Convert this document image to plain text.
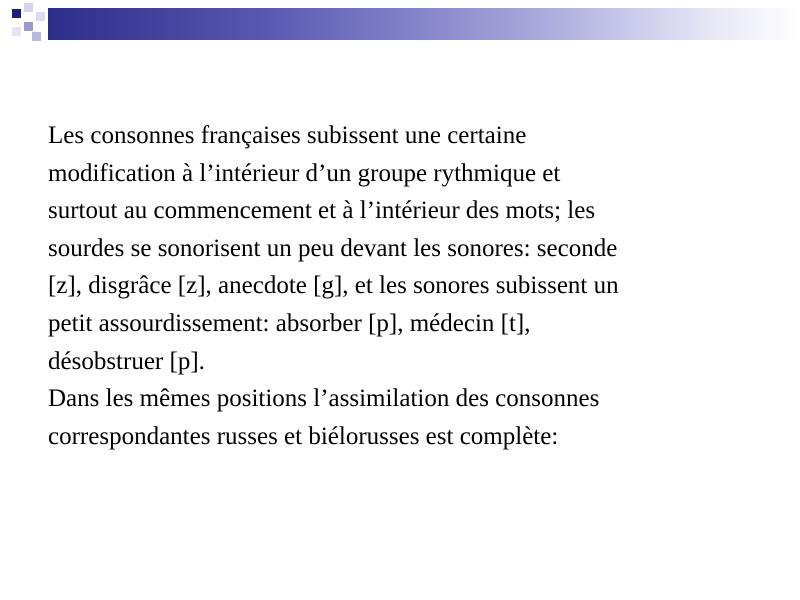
Les consonnes françaises subissent une certaine
modification à l’intérieur d’un groupe rythmique et
surtout au commencement et à l’intérieur des mots; les
sourdes se sonorisent un peu devant les sonores: seconde
[z], disgrâce [z], anecdote [g], et les sonores subissent un
petit assourdissement: absorber [p], médecin [t],
désobstruer [p].

Dans les mêmes positions l’assimilation des consonnes
correspondantes russes et biélorusses est complète:
